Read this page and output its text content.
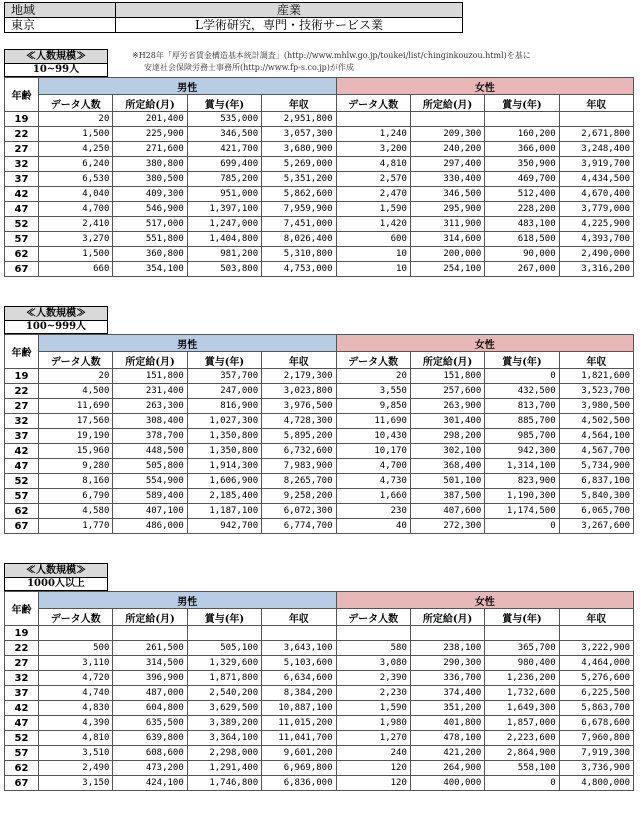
地域	産業
東京	L学術研究，専門・技術サービス業
※H28年「厚労省賃金構造基本統計調査」(http://www.mhlw.go.jp/toukei/list/chinginkouzou.html)を基に
安達社会保険労務士事務所(http://www.fp-s.co.jp)が作成
≪人数規模≫
10~99人
年齢	男性				女性			
	データ人数	所定給(月)	賞与(年)	年収	データ人数	所定給(月)	賞与(年)	年収
19	20	201,400	535,000	2,951,800				
22	1,500	225,900	346,500	3,057,300	1,240	209,300	160,200	2,671,800
27	4,250	271,600	421,700	3,680,900	3,200	240,200	366,000	3,248,400
32	6,240	380,800	699,400	5,269,000	4,810	297,400	350,900	3,919,700
37	6,530	380,500	785,200	5,351,200	2,570	330,400	469,700	4,434,500
42	4,040	409,300	951,000	5,862,600	2,470	346,500	512,400	4,670,400
47	4,700	546,900	1,397,100	7,959,900	1,590	295,900	228,200	3,779,000
52	2,410	517,000	1,247,000	7,451,000	1,420	311,900	483,100	4,225,900
57	3,270	551,800	1,404,800	8,026,400	600	314,600	618,500	4,393,700
62	1,500	360,800	981,200	5,310,800	10	200,000	90,000	2,490,000
67	660	354,100	503,800	4,753,000	10	254,100	267,000	3,316,200
≪人数規模≫
100~999人
年齢	男性				女性			
	データ人数	所定給(月)	賞与(年)	年収	データ人数	所定給(月)	賞与(年)	年収
19	20	151,800	357,700	2,179,300	20	151,800	0	1,821,600
22	4,500	231,400	247,000	3,023,800	3,550	257,600	432,500	3,523,700
27	11,690	263,300	816,900	3,976,500	9,850	263,900	813,700	3,980,500
32	17,560	308,400	1,027,300	4,728,300	11,690	301,400	885,700	4,502,500
37	19,190	378,700	1,350,800	5,895,200	10,430	298,200	985,700	4,564,100
42	15,960	448,500	1,350,800	6,732,600	10,170	302,100	942,300	4,567,700
47	9,280	505,800	1,914,300	7,983,900	4,700	368,400	1,314,100	5,734,900
52	8,160	554,900	1,606,900	8,265,700	4,730	501,100	823,900	6,837,100
57	6,790	589,400	2,185,400	9,258,200	1,660	387,500	1,190,300	5,840,300
62	4,580	407,100	1,187,100	6,072,300	230	407,600	1,174,500	6,065,700
67	1,770	486,000	942,700	6,774,700	40	272,300	0	3,267,600
≪人数規模≫
1000人以上
年齢	男性				女性			
	データ人数	所定給(月)	賞与(年)	年収	データ人数	所定給(月)	賞与(年)	年収
19								
22	500	261,500	505,100	3,643,100	580	238,100	365,700	3,222,900
27	3,110	314,500	1,329,600	5,103,600	3,080	290,300	980,400	4,464,000
32	4,720	396,900	1,871,800	6,634,600	2,390	336,700	1,236,200	5,276,600
37	4,740	487,000	2,540,200	8,384,200	2,230	374,400	1,732,600	6,225,500
42	4,830	604,800	3,629,500	10,887,100	1,590	351,200	1,649,300	5,863,700
47	4,390	635,500	3,389,200	11,015,200	1,980	401,800	1,857,000	6,678,600
52	4,810	639,800	3,364,100	11,041,700	1,270	478,100	2,223,600	7,960,800
57	3,510	608,600	2,298,000	9,601,200	240	421,200	2,864,900	7,919,300
62	2,490	473,200	1,291,400	6,969,800	120	264,900	558,100	3,736,900
67	3,150	424,100	1,746,800	6,836,000	120	400,000	0	4,800,000
